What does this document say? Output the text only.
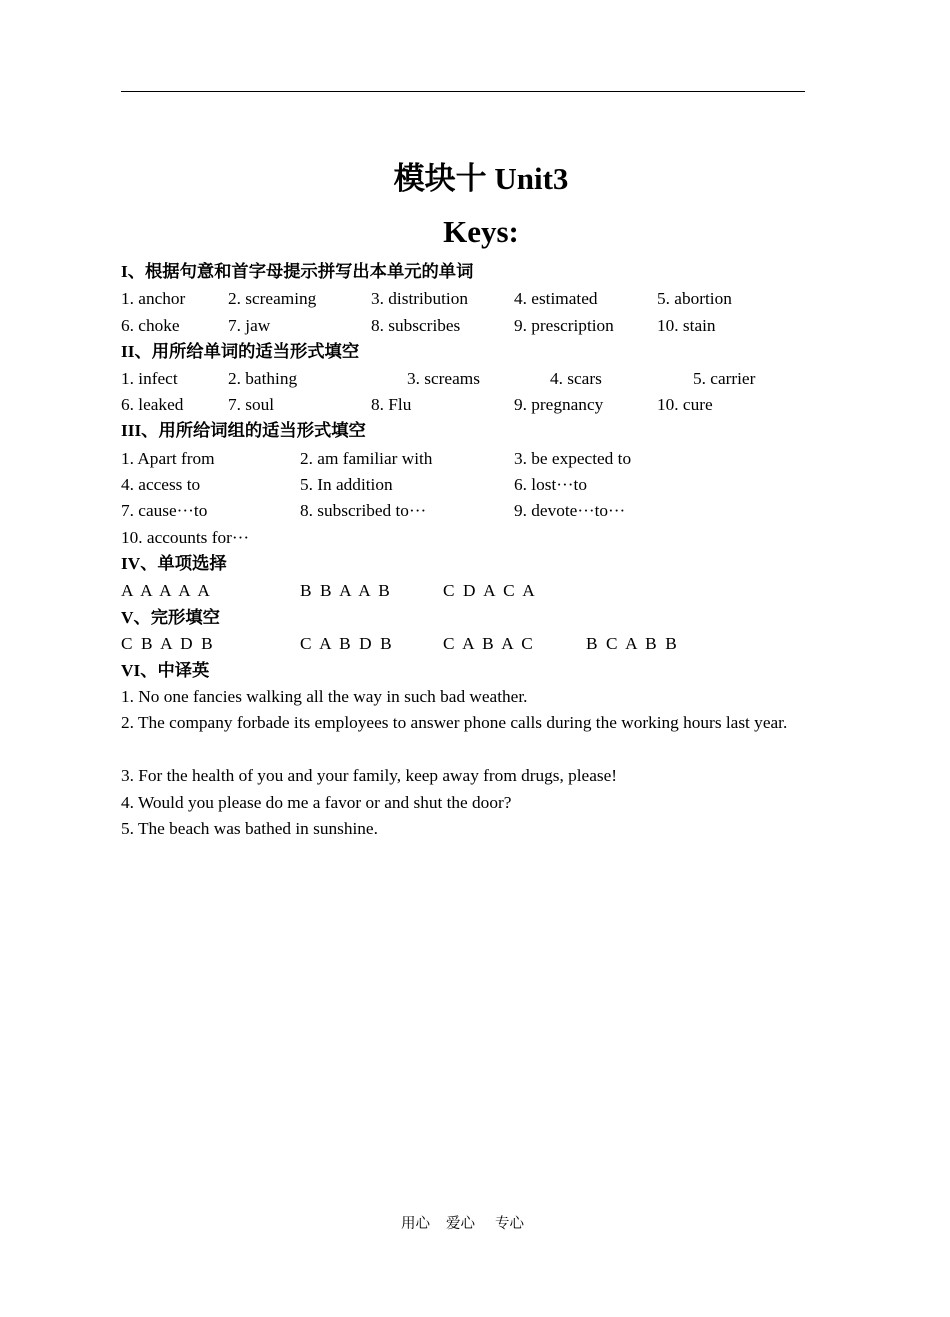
模块十 Unit3
Keys:
I、根据句意和首字母提示拼写出本单元的单词
1. anchor 2. screaming	3. distribution	4. estimated	5. abortion
6. choke	7. jaw	8. subscribes	9. prescription 10. stain
II、用所给单词的适当形式填空
1. infect	2. bathing	3. screams	4. scars	5. carrier
6. leaked	7. soul	8. Flu	9. pregnancy	10. cure
III、用所给词组的适当形式填空
1. Apart from	2. am familiar with	3. be expected to
4. access to	5. In addition	6. lost···to
7. cause···to	8. subscribed to···	9. devote···to···
10. accounts for···
IV、单项选择
A A A A A	B B A A B	C D A C A
V、完形填空
C B A D B	C A B D B	C A B A C	B C A B B
VI、中译英
1. No one fancies walking all the way in such bad weather.
2. The company forbade its employees to answer phone calls during the working hours last year.
3. For the health of you and your family, keep away from drugs, please!
4. Would you please do me a favor or and shut the door?
5. The beach was bathed in sunshine.
用心 爱心 专心
